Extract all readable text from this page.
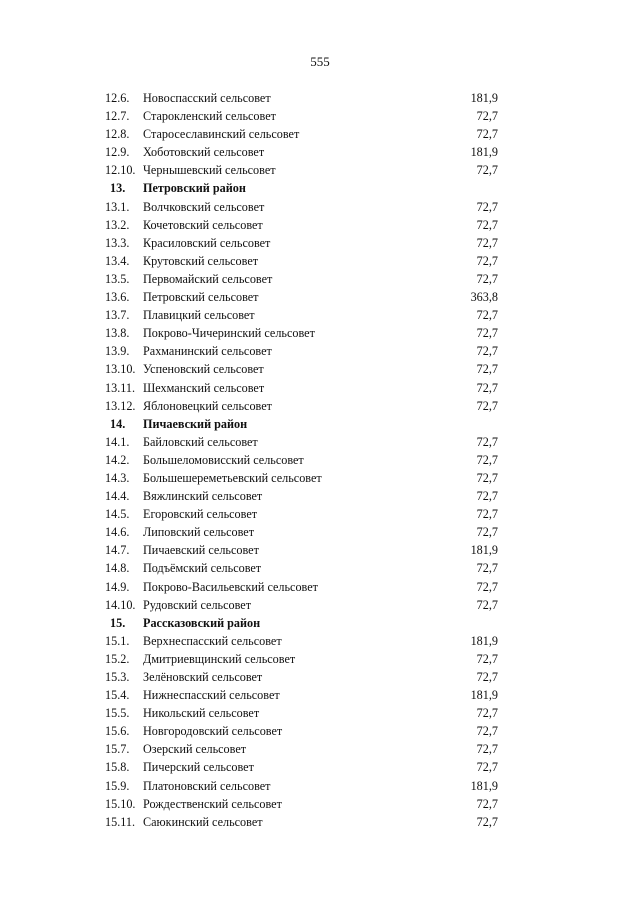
555
12.6. Новоспасский сельсовет	181,9
12.7. Старокленский сельсовет	72,7
12.8. Старосеславинский сельсовет	72,7
12.9. Хоботовский сельсовет	181,9
12.10. Чернышевский сельсовет	72,7
13. Петровский район
13.1. Волчковский сельсовет	72,7
13.2. Кочетовский сельсовет	72,7
13.3. Красиловский сельсовет	72,7
13.4. Крутовский сельсовет	72,7
13.5. Первомайский сельсовет	72,7
13.6. Петровский сельсовет	363,8
13.7. Плавицкий сельсовет	72,7
13.8. Покрово-Чичеринский сельсовет	72,7
13.9. Рахманинский сельсовет	72,7
13.10. Успеновский сельсовет	72,7
13.11. Шехманский сельсовет	72,7
13.12. Яблоновецкий сельсовет	72,7
14. Пичаевский район
14.1. Байловский сельсовет	72,7
14.2. Большеломовисский сельсовет	72,7
14.3. Большешереметьевский сельсовет	72,7
14.4. Вяжлинский сельсовет	72,7
14.5. Егоровский сельсовет	72,7
14.6. Липовский сельсовет	72,7
14.7. Пичаевский сельсовет	181,9
14.8. Подъёмский сельсовет	72,7
14.9. Покрово-Васильевский сельсовет	72,7
14.10. Рудовский сельсовет	72,7
15. Рассказовский район
15.1. Верхнеспасский сельсовет	181,9
15.2. Дмитриевщинский сельсовет	72,7
15.3. Зелёновский сельсовет	72,7
15.4. Нижнеспасский сельсовет	181,9
15.5. Никольский сельсовет	72,7
15.6. Новгородовский сельсовет	72,7
15.7. Озерский сельсовет	72,7
15.8. Пичерский сельсовет	72,7
15.9. Платоновский сельсовет	181,9
15.10. Рождественский сельсовет	72,7
15.11. Саюкинский сельсовет	72,7
